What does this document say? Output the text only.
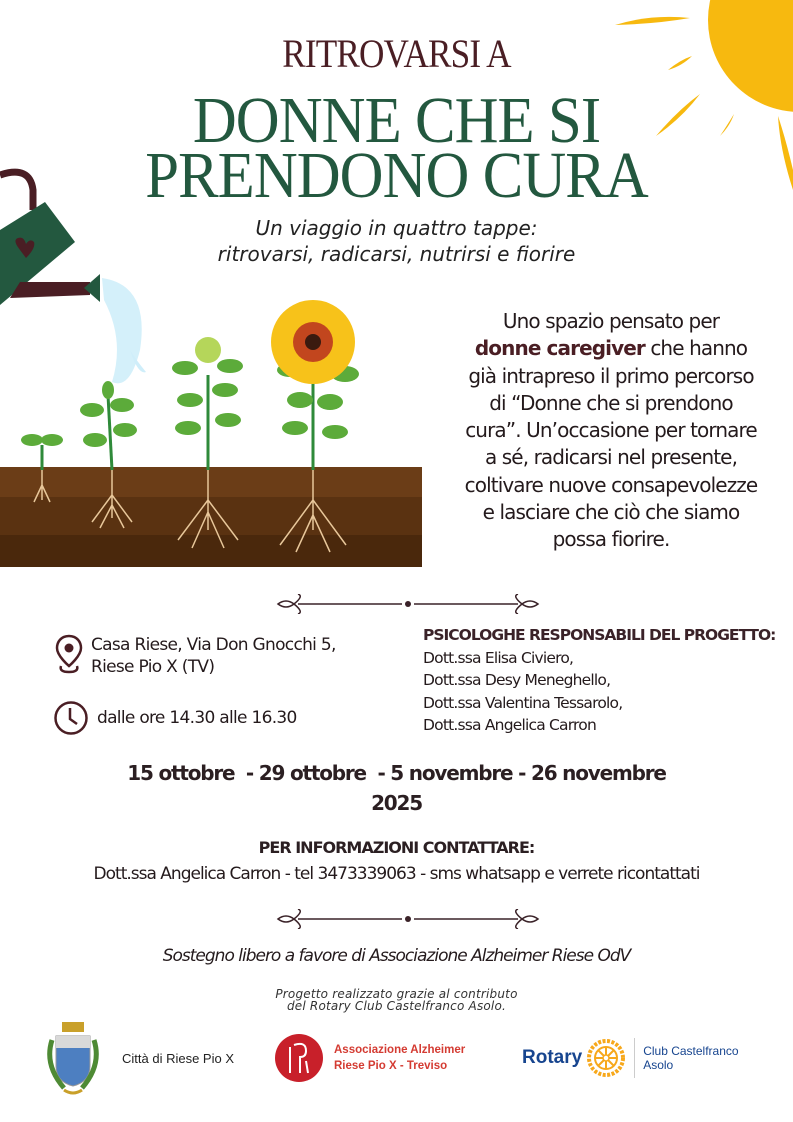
RITROVARSI A
DONNE CHE SI
PRENDONO CURA
Un viaggio in quattro tappe:
ritrovarsi, radicarsi, nutrirsi e fiorire
Uno spazio pensato per
donne caregiver che hanno
già intrapreso il primo percorso
di “Donne che si prendono
cura”. Un’occasione per tornare
a sé, radicarsi nel presente,
coltivare nuove consapevolezze
e lasciare che ciò che siamo
possa fiorire.
Casa Riese, Via Don Gnocchi 5,
Riese Pio X (TV)
dalle ore 14.30 alle 16.30
PSICOLOGHE RESPONSABILI DEL PROGETTO:
Dott.ssa Elisa Civiero,
Dott.ssa Desy Meneghello,
Dott.ssa Valentina Tessarolo,
Dott.ssa Angelica Carron
15 ottobre  - 29 ottobre  - 5 novembre - 26 novembre
2025
PER INFORMAZIONI CONTATTARE:
Dott.ssa Angelica Carron - tel 3473339063 - sms whatsapp e verrete ricontattati
Sostegno libero a favore di Associazione Alzheimer Riese OdV
Progetto realizzato grazie al contributo
del Rotary Club Castelfranco Asolo.
Città di Riese Pio X
Associazione Alzheimer
Riese Pio X - Treviso	Rotary	Club Castelfranco
Asolo
